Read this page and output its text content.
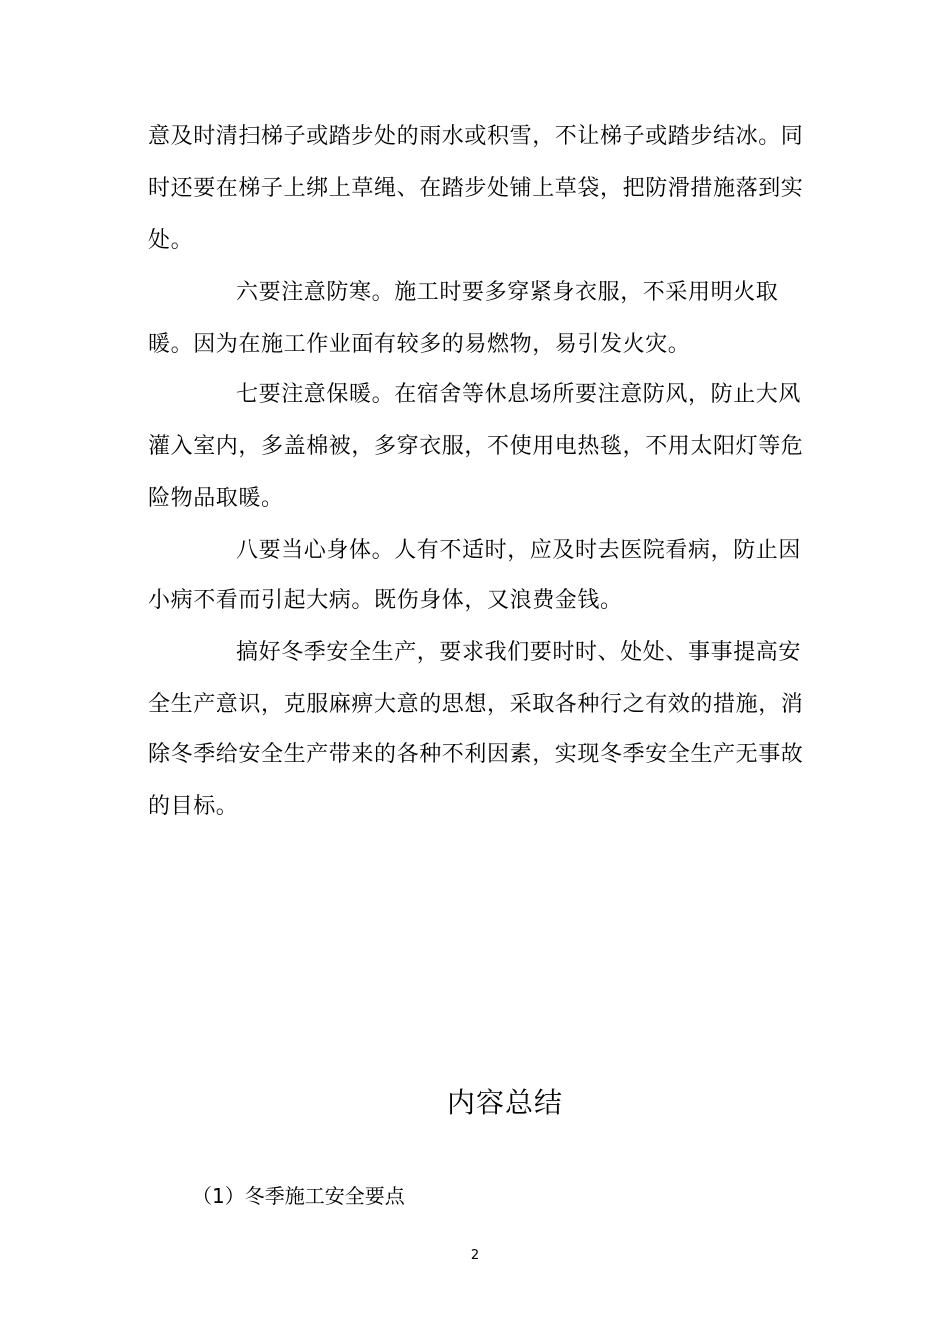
意及时清扫梯子或踏步处的雨水或积雪，不让梯子或踏步结冰。同
时还要在梯子上绑上草绳、在踏步处铺上草袋，把防滑措施落到实
处。
六要注意防寒。施工时要多穿紧身衣服，不采用明火取
暖。因为在施工作业面有较多的易燃物，易引发火灾。
七要注意保暖。在宿舍等休息场所要注意防风，防止大风
灌入室内，多盖棉被，多穿衣服，不使用电热毯，不用太阳灯等危
险物品取暖。
八要当心身体。人有不适时，应及时去医院看病，防止因
小病不看而引起大病。既伤身体，又浪费金钱。
搞好冬季安全生产，要求我们要时时、处处、事事提高安
全生产意识，克服麻痹大意的思想，采取各种行之有效的措施，消
除冬季给安全生产带来的各种不利因素，实现冬季安全生产无事故
的目标。
内容总结
（1）冬季施工安全要点
2
